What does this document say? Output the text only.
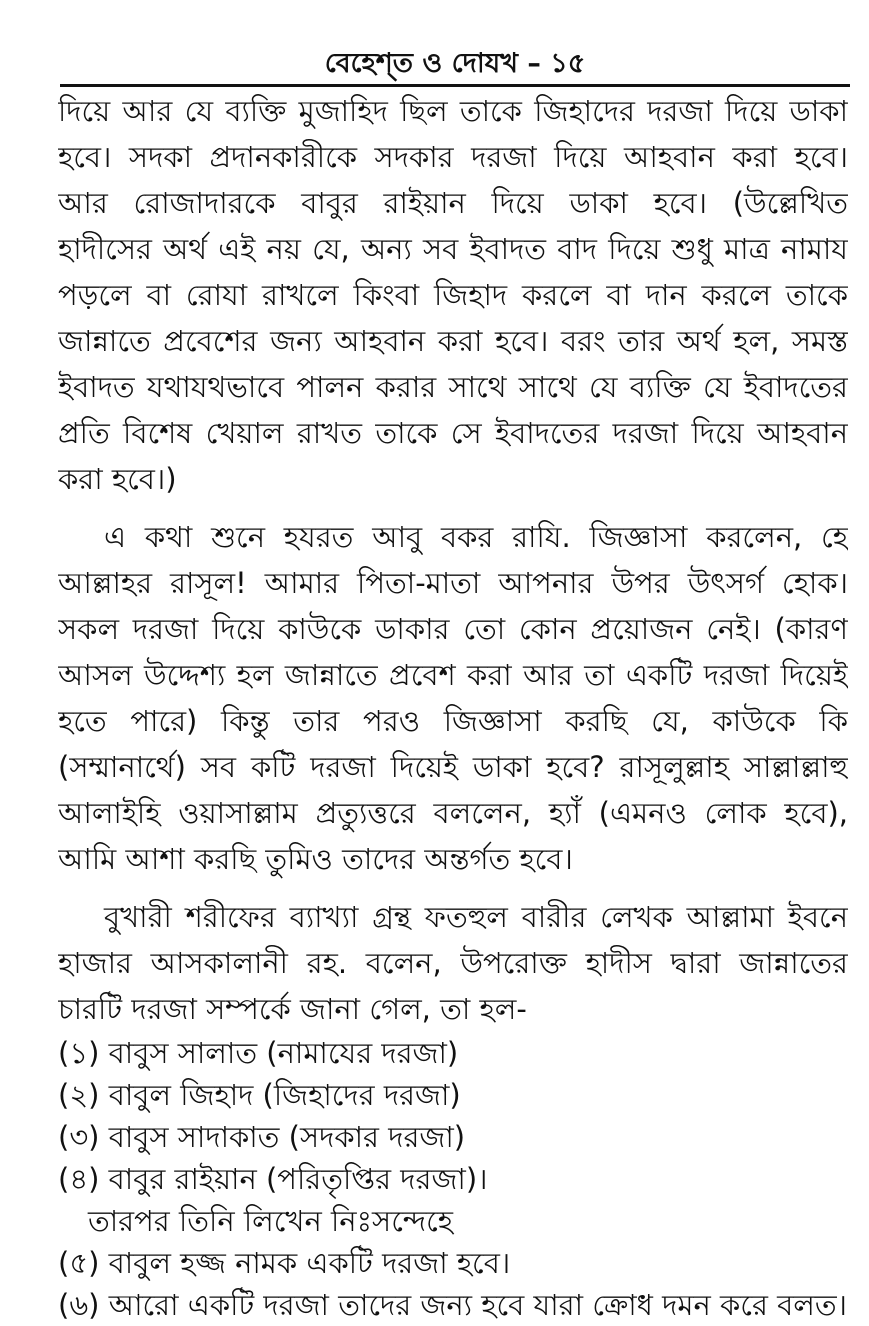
বেহেশ্‌ত ও দোযখ – ১৫
দিয়ে আর যে ব্যক্তি মুজাহিদ ছিল তাকে জিহাদের দরজা দিয়ে ডাকা
হবে। সদকা প্রদানকারীকে সদকার দরজা দিয়ে আহবান করা হবে।
আর রোজাদারকে বাবুর রাইয়ান দিয়ে ডাকা হবে। (উল্লেখিত
হাদীসের অর্থ এই নয় যে, অন্য সব ইবাদত বাদ দিয়ে শুধু মাত্র নামায
পড়লে বা রোযা রাখলে কিংবা জিহাদ করলে বা দান করলে তাকে
জান্নাতে প্রবেশের জন্য আহবান করা হবে। বরং তার অর্থ হল, সমস্ত
ইবাদত যথাযথভাবে পালন করার সাথে সাথে যে ব্যক্তি যে ইবাদতের
প্রতি বিশেষ খেয়াল রাখত তাকে সে ইবাদতের দরজা দিয়ে আহবান
করা হবে।)
এ কথা শুনে হযরত আবু বকর রাযি. জিজ্ঞাসা করলেন, হে
আল্লাহর রাসূল! আমার পিতা-মাতা আপনার উপর উৎসর্গ হোক।
সকল দরজা দিয়ে কাউকে ডাকার তো কোন প্রয়োজন নেই। (কারণ
আসল উদ্দেশ্য হল জান্নাতে প্রবেশ করা আর তা একটি দরজা দিয়েই
হতে পারে) কিন্তু তার পরও জিজ্ঞাসা করছি যে, কাউকে কি
(সম্মানার্থে) সব কটি দরজা দিয়েই ডাকা হবে? রাসূলুল্লাহ সাল্লাল্লাহু
আলাইহি ওয়াসাল্লাম প্রত্যুত্তরে বললেন, হ্যাঁ (এমনও লোক হবে),
আমি আশা করছি তুমিও তাদের অন্তর্গত হবে।
বুখারী শরীফের ব্যাখ্যা গ্রন্থ ফতহুল বারীর লেখক আল্লামা ইবনে
হাজার আসকালানী রহ. বলেন, উপরোক্ত হাদীস দ্বারা জান্নাতের
চারটি দরজা সম্পর্কে জানা গেল, তা হল-
(১) বাবুস সালাত (নামাযের দরজা)
(২) বাবুল জিহাদ (জিহাদের দরজা)
(৩) বাবুস সাদাকাত (সদকার দরজা)
(৪) বাবুর রাইয়ান (পরিতৃপ্তির দরজা)।
তারপর তিনি লিখেন নিঃসন্দেহে
(৫) বাবুল হজ্জ নামক একটি দরজা হবে।
(৬) আরো একটি দরজা তাদের জন্য হবে যারা ক্রোধ দমন করে বলত।
